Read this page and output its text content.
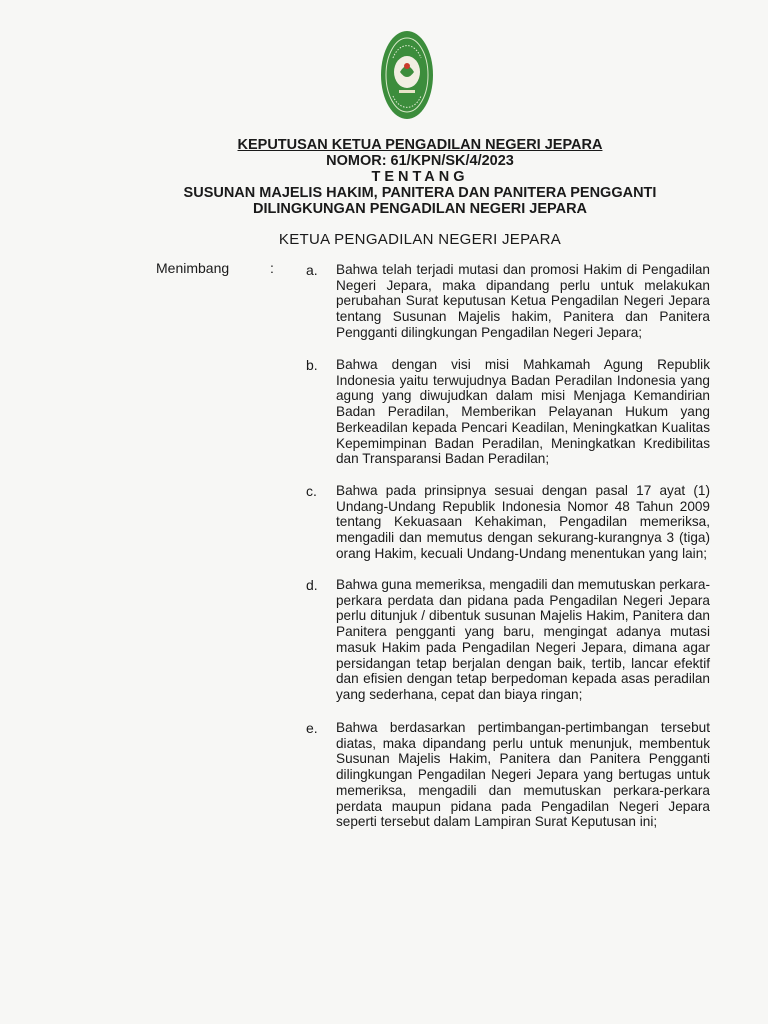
KEPUTUSAN KETUA PENGADILAN NEGERI JEPARA
NOMOR: 61/KPN/SK/4/2023
TENTANG
SUSUNAN MAJELIS HAKIM, PANITERA DAN PANITERA PENGGANTI
DILINGKUNGAN PENGADILAN NEGERI JEPARA
KETUA PENGADILAN NEGERI JEPARA
Menimbang	: a. Bahwa telah terjadi mutasi dan promosi Hakim di Pengadilan Negeri Jepara, maka dipandang perlu untuk melakukan perubahan Surat keputusan Ketua Pengadilan Negeri Jepara tentang Susunan Majelis hakim, Panitera dan Panitera Pengganti dilingkungan Pengadilan Negeri Jepara;
b. Bahwa dengan visi misi Mahkamah Agung Republik Indonesia yaitu terwujudnya Badan Peradilan Indonesia yang agung yang diwujudkan dalam misi Menjaga Kemandirian Badan Peradilan, Memberikan Pelayanan Hukum yang Berkeadilan kepada Pencari Keadilan, Meningkatkan Kualitas Kepemimpinan Badan Peradilan, Meningkatkan Kredibilitas dan Transparansi Badan Peradilan;
c. Bahwa pada prinsipnya sesuai dengan pasal 17 ayat (1) Undang-Undang Republik Indonesia Nomor 48 Tahun 2009 tentang Kekuasaan Kehakiman, Pengadilan memeriksa, mengadili dan memutus dengan sekurang-kurangnya 3 (tiga) orang Hakim, kecuali Undang-Undang menentukan yang lain;
d. Bahwa guna memeriksa, mengadili dan memutuskan perkara-perkara perdata dan pidana pada Pengadilan Negeri Jepara perlu ditunjuk / dibentuk susunan Majelis Hakim, Panitera dan Panitera pengganti yang baru, mengingat adanya mutasi masuk Hakim pada Pengadilan Negeri Jepara, dimana agar persidangan tetap berjalan dengan baik, tertib, lancar efektif dan efisien dengan tetap berpedoman kepada asas peradilan yang sederhana, cepat dan biaya ringan;
e. Bahwa berdasarkan pertimbangan-pertimbangan tersebut diatas, maka dipandang perlu untuk menunjuk, membentuk Susunan Majelis Hakim, Panitera dan Panitera Pengganti dilingkungan Pengadilan Negeri Jepara yang bertugas untuk memeriksa, mengadili dan memutuskan perkara-perkara perdata maupun pidana pada Pengadilan Negeri Jepara seperti tersebut dalam Lampiran Surat Keputusan ini;
